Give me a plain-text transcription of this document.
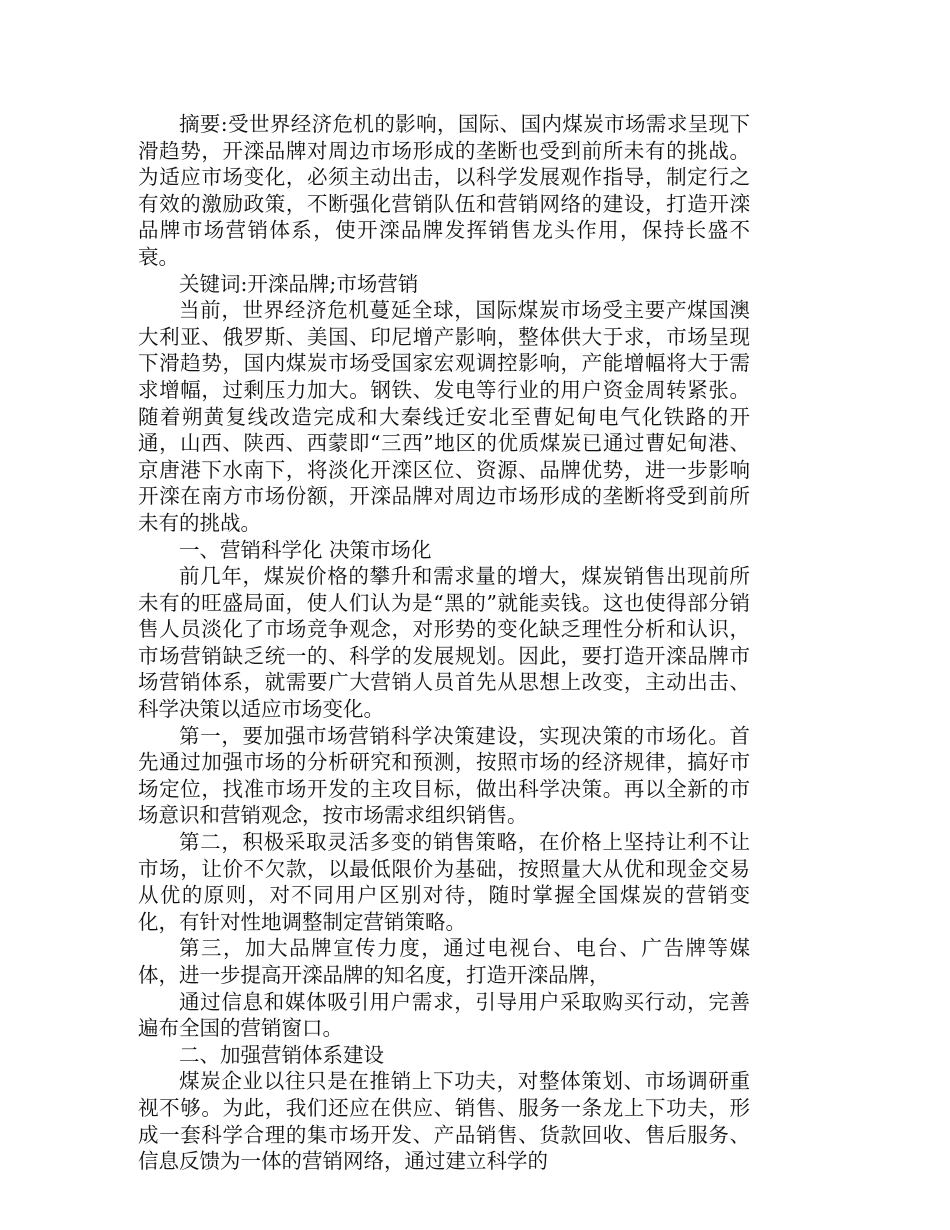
摘要:受世界经济危机的影响，国际、国内煤炭市场需求呈现下滑趋势，开滦品牌对周边市场形成的垄断也受到前所未有的挑战。为适应市场变化，必须主动出击，以科学发展观作指导，制定行之有效的激励政策，不断强化营销队伍和营销网络的建设，打造开滦品牌市场营销体系，使开滦品牌发挥销售龙头作用，保持长盛不衰。

关键词:开滦品牌;市场营销

当前，世界经济危机蔓延全球，国际煤炭市场受主要产煤国澳大利亚、俄罗斯、美国、印尼增产影响，整体供大于求，市场呈现下滑趋势，国内煤炭市场受国家宏观调控影响，产能增幅将大于需求增幅，过剩压力加大。钢铁、发电等行业的用户资金周转紧张。随着朔黄复线改造完成和大秦线迁安北至曹妃甸电气化铁路的开通，山西、陕西、西蒙即“三西”地区的优质煤炭已通过曹妃甸港、京唐港下水南下，将淡化开滦区位、资源、品牌优势，进一步影响开滦在南方市场份额，开滦品牌对周边市场形成的垄断将受到前所未有的挑战。

一、营销科学化 决策市场化

前几年，煤炭价格的攀升和需求量的增大，煤炭销售出现前所未有的旺盛局面，使人们认为是“黑的”就能卖钱。这也使得部分销售人员淡化了市场竞争观念，对形势的变化缺乏理性分析和认识，市场营销缺乏统一的、科学的发展规划。因此，要打造开滦品牌市场营销体系，就需要广大营销人员首先从思想上改变，主动出击、科学决策以适应市场变化。

第一，要加强市场营销科学决策建设，实现决策的市场化。首先通过加强市场的分析研究和预测，按照市场的经济规律，搞好市场定位，找准市场开发的主攻目标，做出科学决策。再以全新的市场意识和营销观念，按市场需求组织销售。

第二，积极采取灵活多变的销售策略，在价格上坚持让利不让市场，让价不欠款，以最低限价为基础，按照量大从优和现金交易从优的原则，对不同用户区别对待，随时掌握全国煤炭的营销变化，有针对性地调整制定营销策略。

第三，加大品牌宣传力度，通过电视台、电台、广告牌等媒体，进一步提高开滦品牌的知名度，打造开滦品牌，

通过信息和媒体吸引用户需求，引导用户采取购买行动，完善遍布全国的营销窗口。

二、加强营销体系建设

煤炭企业以往只是在推销上下功夫，对整体策划、市场调研重视不够。为此，我们还应在供应、销售、服务一条龙上下功夫，形成一套科学合理的集市场开发、产品销售、货款回收、售后服务、信息反馈为一体的营销网络，通过建立科学的
